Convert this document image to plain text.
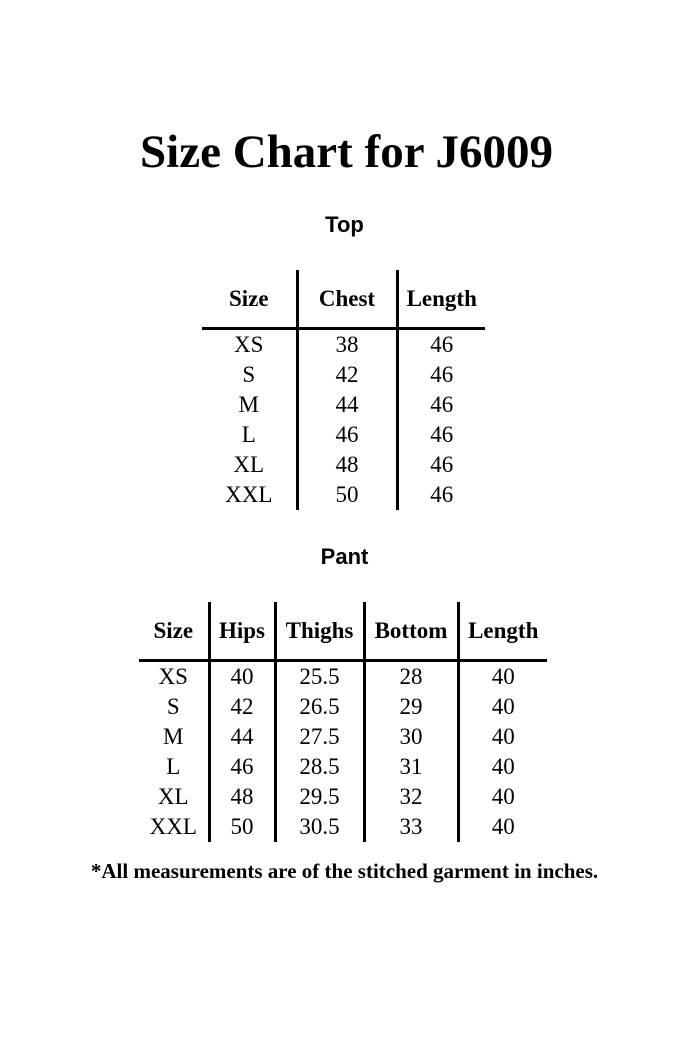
Size Chart for J6009
Top
Size	Chest	Length
XS	38	46
S	42	46
M	44	46
L	46	46
XL	48	46
XXL	50	46
Pant
Size	Hips	Thighs	Bottom	Length
XS	40	25.5	28	40
S	42	26.5	29	40
M	44	27.5	30	40
L	46	28.5	31	40
XL	48	29.5	32	40
XXL	50	30.5	33	40

*All measurements are of the stitched garment in inches.
